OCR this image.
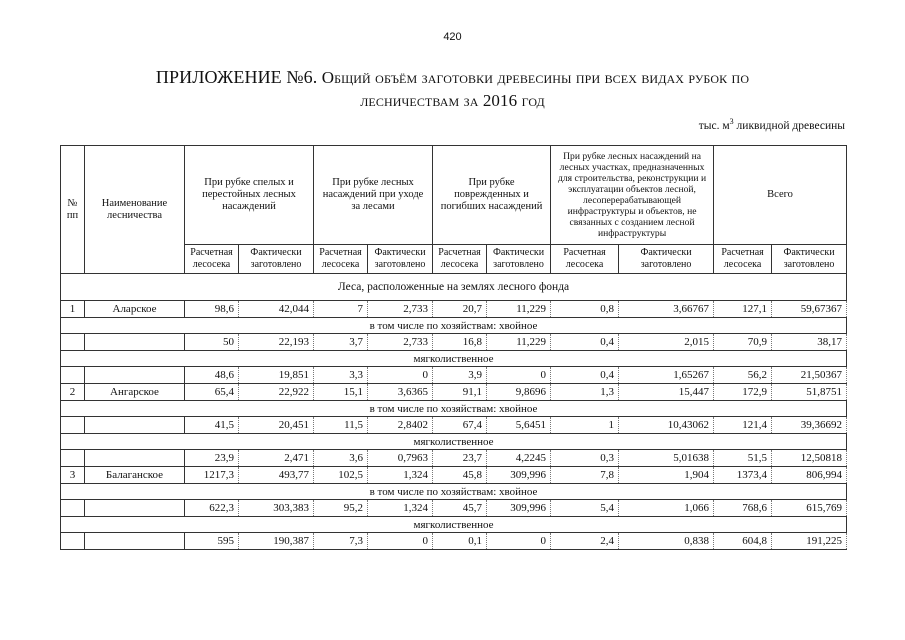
420
ПРИЛОЖЕНИЕ №6. Общий объём заготовки древесины при всех видах рубок по
лесничествам за 2016 год
тыс. $м^3$ ликвидной древесины
№ пп	Наименование лесничества	При рубке спелых и перестойных лесных насаждений		При рубке лесных насаждений при уходе за лесами		При рубке поврежденных и погибших насаждений		При рубке лесных насаждений на лесных участках, предназначенных для строительства, реконструкции и эксплуатации объектов лесной, лесоперерабатывающей инфраструктуры и объектов, не связанных с созданием лесной инфраструктуры		Всего	
		Расчетная лесосека	Фактически заготовлено	Расчетная лесосека	Фактически заготовлено	Расчетная лесосека	Фактически заготовлено	Расчетная лесосека	Фактически заготовлено	Расчетная лесосека	Фактически заготовлено
Леса, расположенные на землях лесного фонда											
1	Аларское	98,6	42,044	7	2,733	20,7	11,229	0,8	3,66767	127,1	59,67367
в том числе по хозяйствам: хвойное											
		50	22,193	3,7	2,733	16,8	11,229	0,4	2,015	70,9	38,17
мягколиственное											
		48,6	19,851	3,3	0	3,9	0	0,4	1,65267	56,2	21,50367
2	Ангарское	65,4	22,922	15,1	3,6365	91,1	9,8696	1,3	15,447	172,9	51,8751
в том числе по хозяйствам: хвойное											
		41,5	20,451	11,5	2,8402	67,4	5,6451	1	10,43062	121,4	39,36692
мягколиственное											
		23,9	2,471	3,6	0,7963	23,7	4,2245	0,3	5,01638	51,5	12,50818
3	Балаганское	1217,3	493,77	102,5	1,324	45,8	309,996	7,8	1,904	1373,4	806,994
в том числе по хозяйствам: хвойное											
		622,3	303,383	95,2	1,324	45,7	309,996	5,4	1,066	768,6	615,769
мягколиственное											
		595	190,387	7,3	0	0,1	0	2,4	0,838	604,8	191,225
